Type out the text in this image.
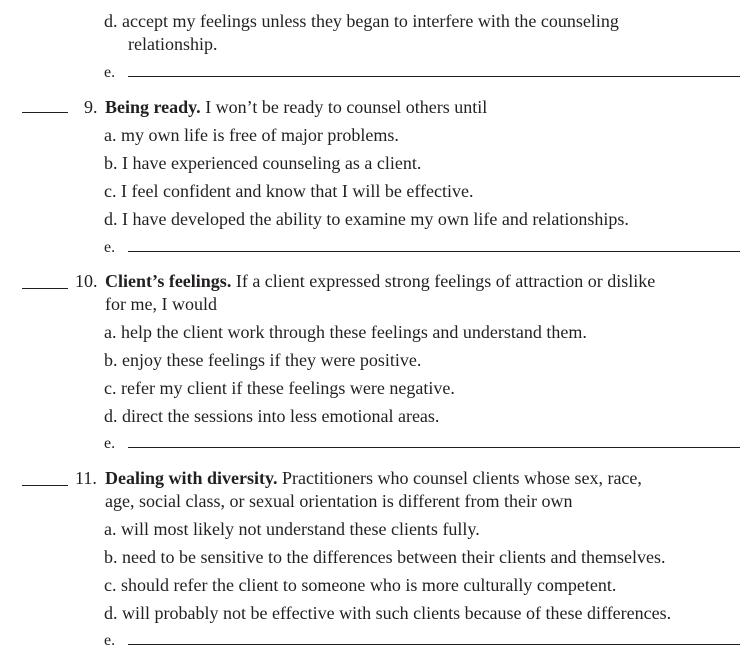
d. accept my feelings unless they began to interfere with the counseling
relationship.
e.
9. Being ready. I won’t be ready to counsel others until
a. my own life is free of major problems.
b. I have experienced counseling as a client.
c. I feel confident and know that I will be effective.
d. I have developed the ability to examine my own life and relationships.
e.
10. Client’s feelings. If a client expressed strong feelings of attraction or dislike
for me, I would
a. help the client work through these feelings and understand them.
b. enjoy these feelings if they were positive.
c. refer my client if these feelings were negative.
d. direct the sessions into less emotional areas.
e.
11. Dealing with diversity. Practitioners who counsel clients whose sex, race,
age, social class, or sexual orientation is different from their own
a. will most likely not understand these clients fully.
b. need to be sensitive to the differences between their clients and themselves.
c. should refer the client to someone who is more culturally competent.
d. will probably not be effective with such clients because of these differences.
e.
